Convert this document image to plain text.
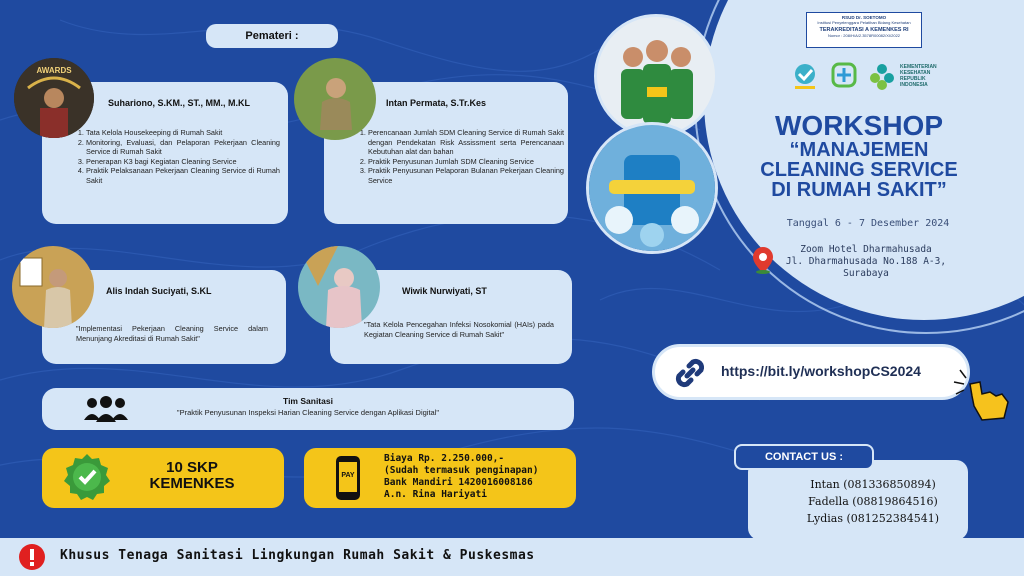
RSUD Dr. SOETOMO
Institusi Penyelenggara Pelatihan Bidang Kesehatan
TERAKREDITASI A KEMENKES RI
Nomor : 208/H/A/2.3578R00082/XI/2022
KEMENTERIAN KESEHATAN REPUBLIK INDONESIA
WORKSHOP
“MANAJEMEN
CLEANING SERVICE
DI RUMAH SAKIT”
Tanggal 6 - 7 Desember 2024
Zoom Hotel Dharmahusada
Jl. Dharmahusada No.188 A-3,
Surabaya
https://bit.ly/workshopCS2024
Intan (081336850894)
Fadella (08819864516)
Lydias (081252384541)
CONTACT US :
Pemateri :
Suhariono, S.KM., ST., MM., M.KL
1. Tata Kelola Housekeeping di Rumah Sakit
2. Monitoring, Evaluasi, dan Pelaporan Pekerjaan Cleaning Service di Rumah Sakit
3. Penerapan K3 bagi Kegiatan Cleaning Service
4. Praktik Pelaksanaan Pekerjaan Cleaning Service di Rumah Sakit
AWARDS
Intan Permata, S.Tr.Kes
1. Perencanaan Jumlah SDM Cleaning Service di Rumah Sakit dengan Pendekatan Risk Assissment serta Perencanaan Kebutuhan alat dan bahan
2. Praktik Penyusunan Jumlah SDM Cleaning Service
3. Praktik Penyusunan Pelaporan Bulanan Pekerjaan Cleaning Service
Alis Indah Suciyati, S.KL
"Implementasi Pekerjaan Cleaning Service dalam Menunjang Akreditasi di Rumah Sakit"
Wiwik Nurwiyati, ST
"Tata Kelola Pencegahan Infeksi Nosokomial (HAIs) pada Kegiatan Cleaning Service di Rumah Sakit"
Tim Sanitasi
"Praktik Penyusunan Inspeksi Harian Cleaning Service dengan Aplikasi Digital"
10 SKP
KEMENKES	PAY
Biaya Rp. 2.250.000,-
(Sudah termasuk penginapan)
Bank Mandiri 1420016008186
A.n. Rina Hariyati
Khusus Tenaga Sanitasi Lingkungan Rumah Sakit & Puskesmas
